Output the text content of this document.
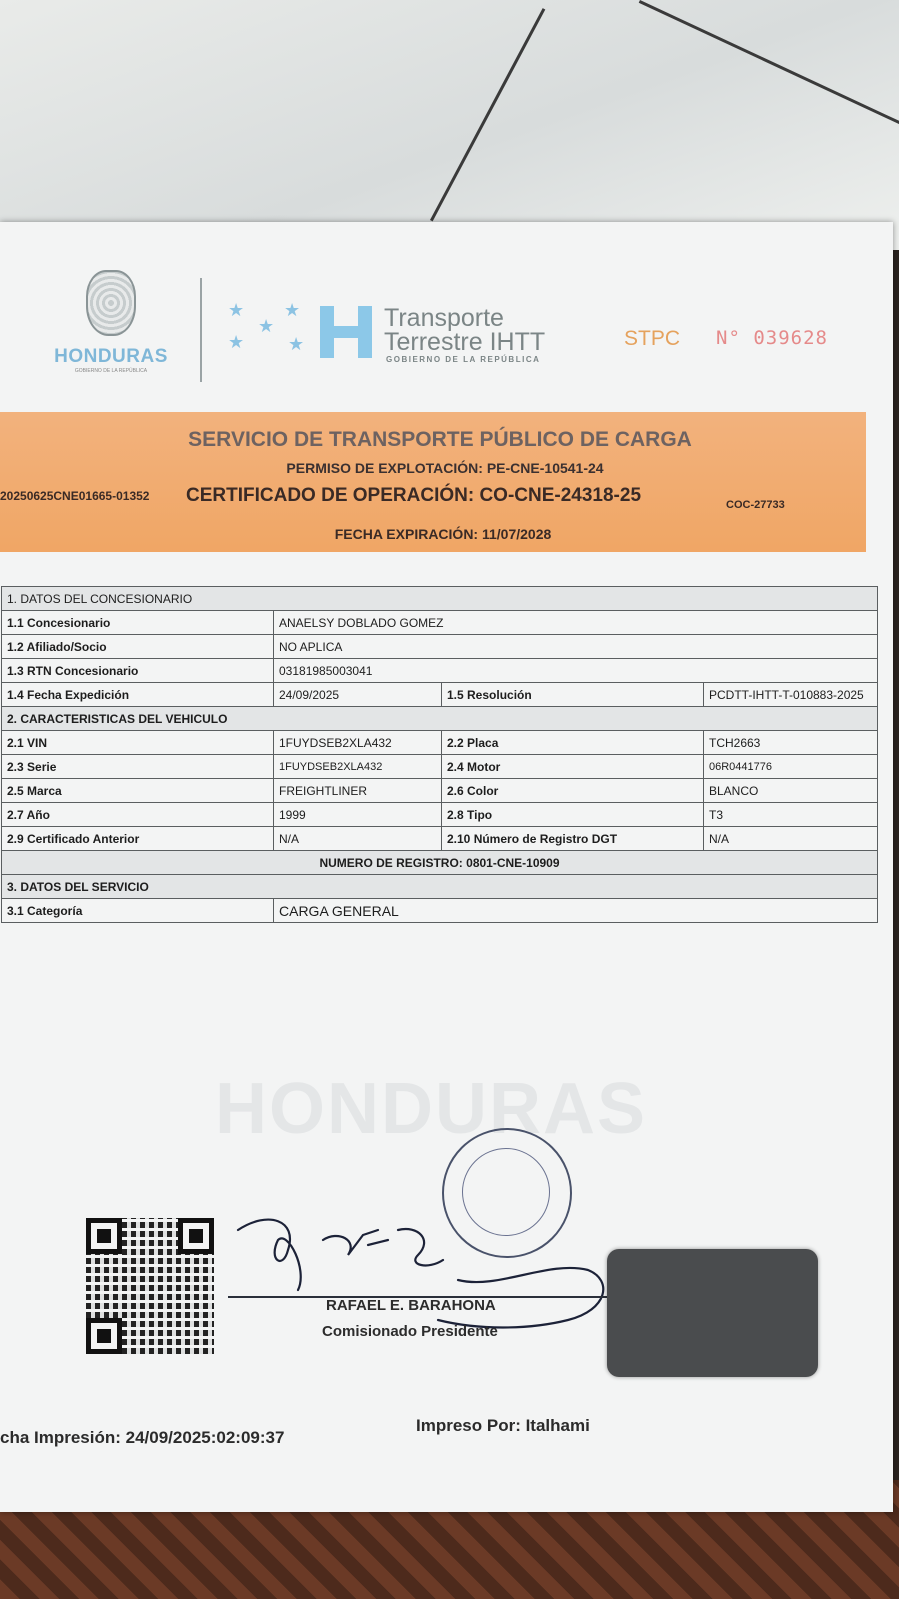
HONDURAS
GOBIERNO DE LA REPÚBLICA
★ ★
★
★ ★
Transporte
Terrestre IHTT
GOBIERNO DE LA REPÚBLICA
STPC N° 039628
SERVICIO DE TRANSPORTE PÚBLICO DE CARGA
PERMISO DE EXPLOTACIÓN: PE-CNE-10541-24
20250625CNE01665-01352 CERTIFICADO DE OPERACIÓN: CO-CNE-24318-25	COC-27733
FECHA EXPIRACIÓN: 11/07/2028
1. DATOS DEL CONCESIONARIO			
1.1 Concesionario	ANAELSY DOBLADO GOMEZ		
1.2 Afiliado/Socio	NO APLICA		
1.3 RTN Concesionario	03181985003041		
1.4 Fecha Expedición	24/09/2025	1.5 Resolución	PCDTT-IHTT-T-010883-2025
2. CARACTERISTICAS DEL VEHICULO			
2.1 VIN	1FUYDSEB2XLA432	2.2 Placa	TCH2663
2.3 Serie	1FUYDSEB2XLA432	2.4 Motor	06R0441776
2.5 Marca	FREIGHTLINER	2.6 Color	BLANCO
2.7 Año	1999	2.8 Tipo	T3
2.9 Certificado Anterior	N/A	2.10 Número de Registro DGT	N/A
NUMERO DE REGISTRO: 0801-CNE-10909			
3. DATOS DEL SERVICIO			
3.1 Categoría	CARGA GENERAL		
HONDURAS
RAFAEL E. BARAHONA
Comisionado Presidente
cha Impresión: 24/09/2025:02:09:37
Impreso Por: Italhami
